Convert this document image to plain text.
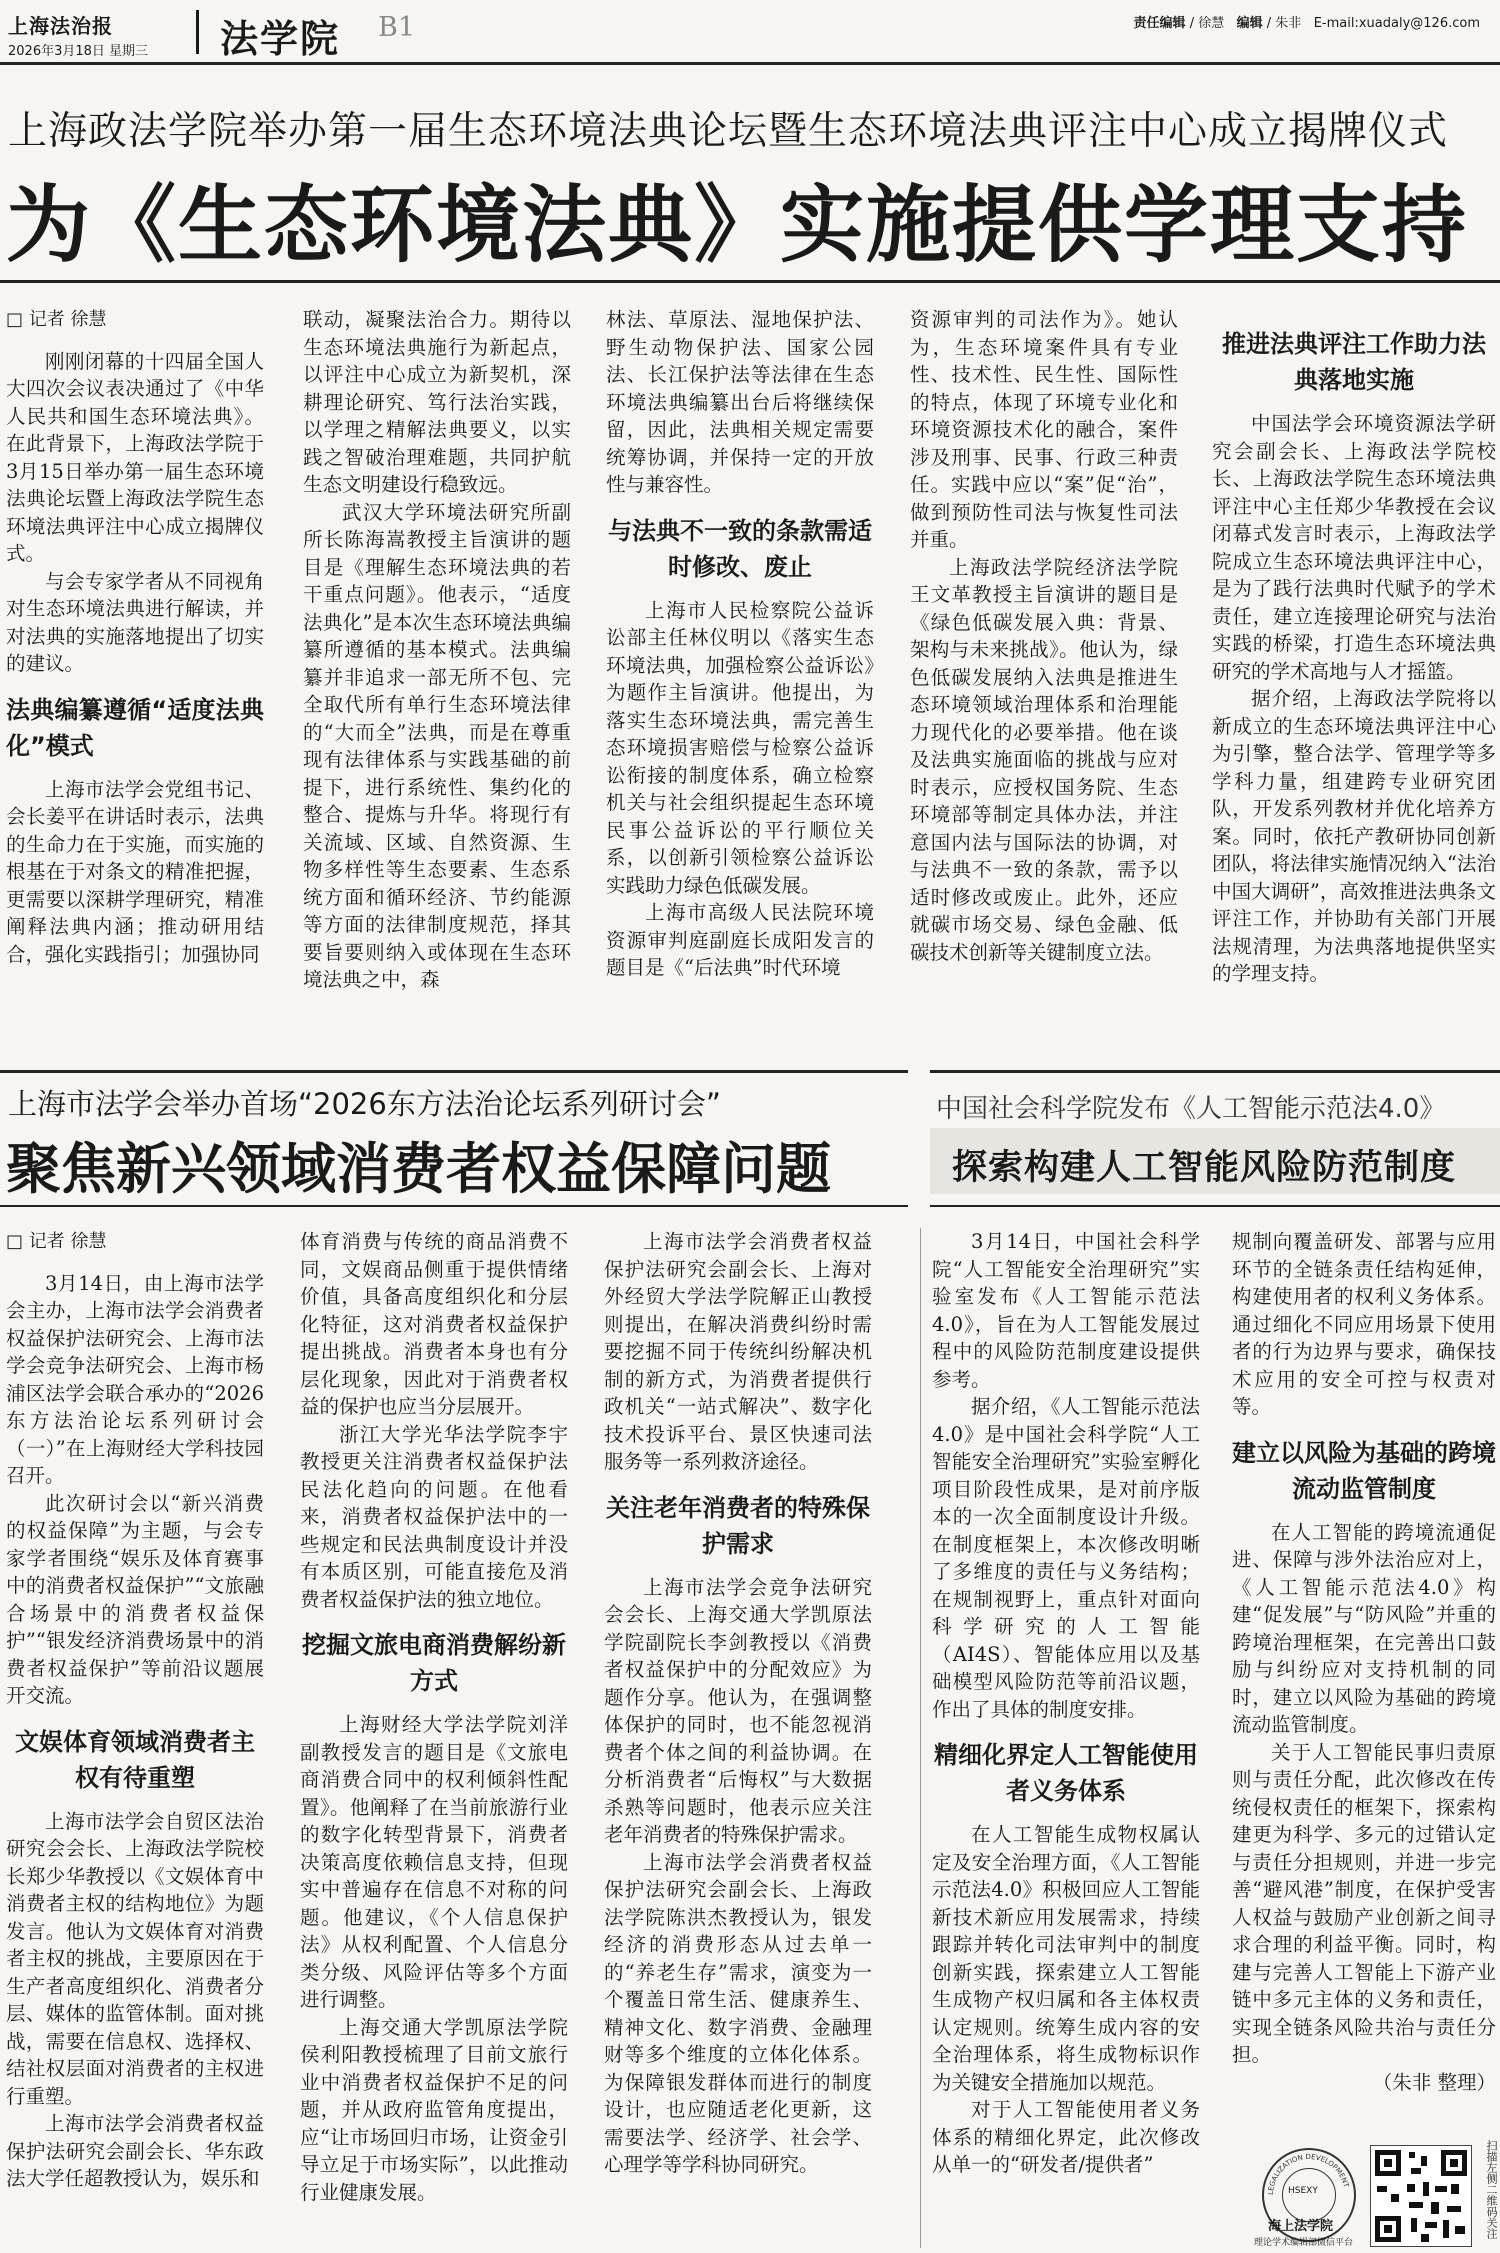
上海法治报
2026年3月18日 星期三 法学院 B1	责任编辑 / 徐慧 编辑 / 朱非 E-mail:xuadaly@126.com
上海政法学院举办第一届生态环境法典论坛暨生态环境法典评注中心成立揭牌仪式
为《生态环境法典》实施提供学理支持
□ 记者 徐慧

刚刚闭幕的十四届全国人大四次会议表决通过了《中华人民共和国生态环境法典》。在此背景下，上海政法学院于3月15日举办第一届生态环境法典论坛暨上海政法学院生态环境法典评注中心成立揭牌仪式。

与会专家学者从不同视角对生态环境法典进行解读，并对法典的实施落地提出了切实的建议。

法典编纂遵循“适度法典化”模式

上海市法学会党组书记、会长姜平在讲话时表示，法典的生命力在于实施，而实施的根基在于对条文的精准把握，更需要以深耕学理研究，精准阐释法典内涵；推动研用结合，强化实践指引；加强协同

联动，凝聚法治合力。期待以生态环境法典施行为新起点，以评注中心成立为新契机，深耕理论研究、笃行法治实践，以学理之精解法典要义，以实践之智破治理难题，共同护航生态文明建设行稳致远。

武汉大学环境法研究所副所长陈海嵩教授主旨演讲的题目是《理解生态环境法典的若干重点问题》。他表示，“适度法典化”是本次生态环境法典编纂所遵循的基本模式。法典编纂并非追求一部无所不包、完全取代所有单行生态环境法律的“大而全”法典，而是在尊重现有法律体系与实践基础的前提下，进行系统性、集约化的整合、提炼与升华。将现行有关流域、区域、自然资源、生物多样性等生态要素、生态系统方面和循环经济、节约能源等方面的法律制度规范，择其要旨要则纳入或体现在生态环境法典之中，森

林法、草原法、湿地保护法、野生动物保护法、国家公园法、长江保护法等法律在生态环境法典编纂出台后将继续保留，因此，法典相关规定需要统筹协调，并保持一定的开放性与兼容性。

与法典不一致的条款需适时修改、废止

上海市人民检察院公益诉讼部主任林仪明以《落实生态环境法典，加强检察公益诉讼》为题作主旨演讲。他提出，为落实生态环境法典，需完善生态环境损害赔偿与检察公益诉讼衔接的制度体系，确立检察机关与社会组织提起生态环境民事公益诉讼的平行顺位关系，以创新引领检察公益诉讼实践助力绿色低碳发展。

上海市高级人民法院环境资源审判庭副庭长成阳发言的题目是《“后法典”时代环境

资源审判的司法作为》。她认为，生态环境案件具有专业性、技术性、民生性、国际性的特点，体现了环境专业化和环境资源技术化的融合，案件涉及刑事、民事、行政三种责任。实践中应以“案”促“治”，做到预防性司法与恢复性司法并重。

上海政法学院经济法学院王文革教授主旨演讲的题目是《绿色低碳发展入典：背景、架构与未来挑战》。他认为，绿色低碳发展纳入法典是推进生态环境领域治理体系和治理能力现代化的必要举措。他在谈及法典实施面临的挑战与应对时表示，应授权国务院、生态环境部等制定具体办法，并注意国内法与国际法的协调，对与法典不一致的条款，需予以适时修改或废止。此外，还应就碳市场交易、绿色金融、低碳技术创新等关键制度立法。

推进法典评注工作助力法典落地实施

中国法学会环境资源法学研究会副会长、上海政法学院校长、上海政法学院生态环境法典评注中心主任郑少华教授在会议闭幕式发言时表示，上海政法学院成立生态环境法典评注中心，是为了践行法典时代赋予的学术责任，建立连接理论研究与法治实践的桥梁，打造生态环境法典研究的学术高地与人才摇篮。

据介绍，上海政法学院将以新成立的生态环境法典评注中心为引擎，整合法学、管理学等多学科力量，组建跨专业研究团队，开发系列教材并优化培养方案。同时，依托产教研协同创新团队，将法律实施情况纳入“法治中国大调研”，高效推进法典条文评注工作，并协助有关部门开展法规清理，为法典落地提供坚实的学理支持。

上海市法学会举办首场“2026东方法治论坛系列研讨会”
聚焦新兴领域消费者权益保障问题
□ 记者 徐慧

3月14日，由上海市法学会主办，上海市法学会消费者权益保护法研究会、上海市法学会竞争法研究会、上海市杨浦区法学会联合承办的“2026东方法治论坛系列研讨会（一）”在上海财经大学科技园召开。

此次研讨会以“新兴消费的权益保障”为主题，与会专家学者围绕“娱乐及体育赛事中的消费者权益保护”“文旅融合场景中的消费者权益保护”“银发经济消费场景中的消费者权益保护”等前沿议题展开交流。

文娱体育领域消费者主权有待重塑

上海市法学会自贸区法治研究会会长、上海政法学院校长郑少华教授以《文娱体育中消费者主权的结构地位》为题发言。他认为文娱体育对消费者主权的挑战，主要原因在于生产者高度组织化、消费者分层、媒体的监管体制。面对挑战，需要在信息权、选择权、结社权层面对消费者的主权进行重塑。

上海市法学会消费者权益保护法研究会副会长、华东政法大学任超教授认为，娱乐和

体育消费与传统的商品消费不同，文娱商品侧重于提供情绪价值，具备高度组织化和分层化特征，这对消费者权益保护提出挑战。消费者本身也有分层化现象，因此对于消费者权益的保护也应当分层展开。

浙江大学光华法学院李宇教授更关注消费者权益保护法民法化趋向的问题。在他看来，消费者权益保护法中的一些规定和民法典制度设计并没有本质区别，可能直接危及消费者权益保护法的独立地位。

挖掘文旅电商消费解纷新方式

上海财经大学法学院刘洋副教授发言的题目是《文旅电商消费合同中的权利倾斜性配置》。他阐释了在当前旅游行业的数字化转型背景下，消费者决策高度依赖信息支持，但现实中普遍存在信息不对称的问题。他建议，《个人信息保护法》从权利配置、个人信息分类分级、风险评估等多个方面进行调整。

上海交通大学凯原法学院侯利阳教授梳理了目前文旅行业中消费者权益保护不足的问题，并从政府监管角度提出，应“让市场回归市场，让资金引导立足于市场实际”，以此推动行业健康发展。

上海市法学会消费者权益保护法研究会副会长、上海对外经贸大学法学院解正山教授则提出，在解决消费纠纷时需要挖掘不同于传统纠纷解决机制的新方式，为消费者提供行政机关“一站式解决”、数字化技术投诉平台、景区快速司法服务等一系列救济途径。

关注老年消费者的特殊保护需求

上海市法学会竞争法研究会会长、上海交通大学凯原法学院副院长李剑教授以《消费者权益保护中的分配效应》为题作分享。他认为，在强调整体保护的同时，也不能忽视消费者个体之间的利益协调。在分析消费者“后悔权”与大数据杀熟等问题时，他表示应关注老年消费者的特殊保护需求。

上海市法学会消费者权益保护法研究会副会长、上海政法学院陈洪杰教授认为，银发经济的消费形态从过去单一的“养老生存”需求，演变为一个覆盖日常生活、健康养生、精神文化、数字消费、金融理财等多个维度的立体化体系。为保障银发群体而进行的制度设计，也应随适老化更新，这需要法学、经济学、社会学、心理学等学科协同研究。

中国社会科学院发布《人工智能示范法4.0》
探索构建人工智能风险防范制度

3月14日，中国社会科学院“人工智能安全治理研究”实验室发布《人工智能示范法4.0》，旨在为人工智能发展过程中的风险防范制度建设提供参考。

据介绍，《人工智能示范法4.0》是中国社会科学院“人工智能安全治理研究”实验室孵化项目阶段性成果，是对前序版本的一次全面制度设计升级。在制度框架上，本次修改明晰了多维度的责任与义务结构；在规制视野上，重点针对面向科学研究的人工智能（AI4S）、智能体应用以及基础模型风险防范等前沿议题，作出了具体的制度安排。

精细化界定人工智能使用者义务体系

在人工智能生成物权属认定及安全治理方面，《人工智能示范法4.0》积极回应人工智能新技术新应用发展需求，持续跟踪并转化司法审判中的制度创新实践，探索建立人工智能生成物产权归属和各主体权责认定规则。统筹生成内容的安全治理体系，将生成物标识作为关键安全措施加以规范。

对于人工智能使用者义务体系的精细化界定，此次修改从单一的“研发者/提供者”

规制向覆盖研发、部署与应用环节的全链条责任结构延伸，构建使用者的权利义务体系。通过细化不同应用场景下使用者的行为边界与要求，确保技术应用的安全可控与权责对等。

建立以风险为基础的跨境流动监管制度

在人工智能的跨境流通促进、保障与涉外法治应对上，《人工智能示范法4.0》构建“促发展”与“防风险”并重的跨境治理框架，在完善出口鼓励与纠纷应对支持机制的同时，建立以风险为基础的跨境流动监管制度。

关于人工智能民事归责原则与责任分配，此次修改在传统侵权责任的框架下，探索构建更为科学、多元的过错认定与责任分担规则，并进一步完善“避风港”制度，在保护受害人权益与鼓励产业创新之间寻求合理的利益平衡。同时，构建与完善人工智能上下游产业链中多元主体的义务和责任，实现全链条风险共治与责任分担。

（朱非 整理）
LEGALIZATION DEVELOPMENT
HSEXY
海上法学院
理论学术编辑部微信平台
扫描左侧二维码关注
